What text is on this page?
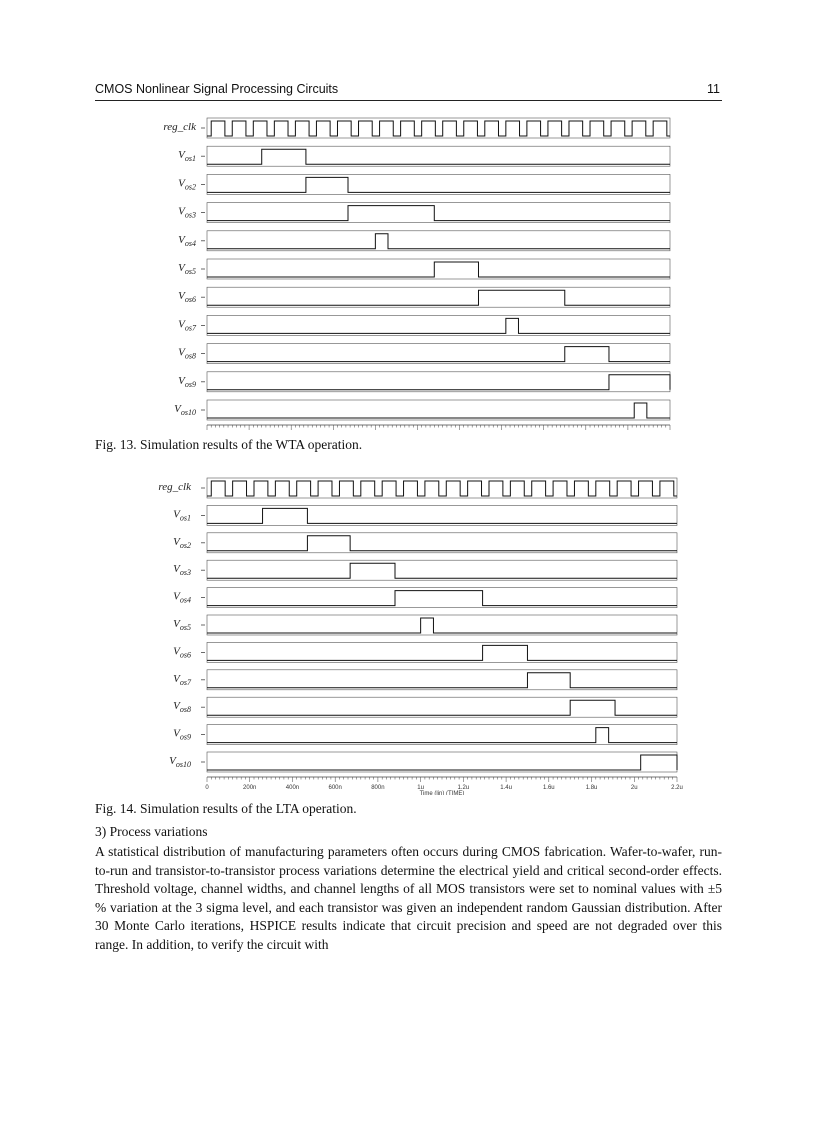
CMOS Nonlinear Signal Processing Circuits	11
reg_clk
$V_{os1}$
$V_{os2}$
$V_{os3}$
$V_{os4}$
$V_{os5}$
$V_{os6}$
$V_{os7}$
$V_{os8}$
$V_{os9}$
$V_{os10}$
Fig. 13. Simulation results of the WTA operation.
reg_clk
$V_{os1}$
$V_{os2}$
$V_{os3}$
$V_{os4}$
$V_{os5}$
$V_{os6}$
$V_{os7}$
$V_{os8}$
$V_{os9}$
$V_{os10}$
0	200n	400n	600n	800n	1u	1.2u	1.4u	1.6u	1.8u	2u	2.2u
Time (lin) (TIME)
Fig. 14. Simulation results of the LTA operation.
3) Process variations
A statistical distribution of manufacturing parameters often occurs during CMOS fabrication. Wafer-to-wafer, run-to-run and transistor-to-transistor process variations determine the electrical yield and critical second-order effects. Threshold voltage, channel widths, and channel lengths of all MOS transistors were set to nominal values with ±5 % variation at the 3 sigma level, and each transistor was given an independent random Gaussian distribution. After 30 Monte Carlo iterations, HSPICE results indicate that circuit precision and speed are not degraded over this range. In addition, to verify the circuit with
